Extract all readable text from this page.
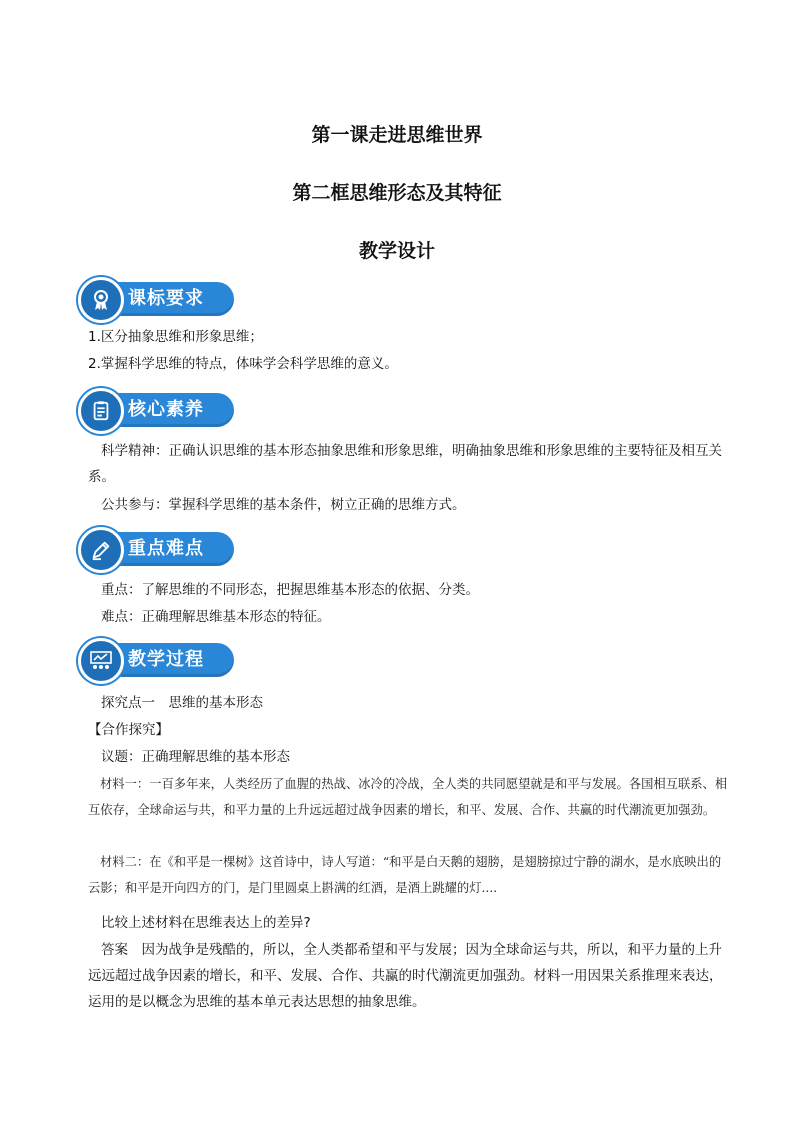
第一课走进思维世界
第二框思维形态及其特征
教学设计
课标要求
1.区分抽象思维和形象思维；
2.掌握科学思维的特点，体味学会科学思维的意义。
核心素养
科学精神：正确认识思维的基本形态抽象思维和形象思维，明确抽象思维和形象思维的主要特征及相互关系。
公共参与：掌握科学思维的基本条件，树立正确的思维方式。
重点难点
重点：了解思维的不同形态，把握思维基本形态的依据、分类。
难点：正确理解思维基本形态的特征。
教学过程
探究点一　思维的基本形态
【合作探究】
议题：正确理解思维的基本形态
材料一：一百多年来，人类经历了血腥的热战、冰冷的冷战，全人类的共同愿望就是和平与发展。各国相互联系、相互依存，全球命运与共，和平力量的上升远远超过战争因素的增长，和平、发展、合作、共赢的时代潮流更加强劲。
材料二：在《和平是一棵树》这首诗中，诗人写道：“和平是白天鹅的翅膀，是翅膀掠过宁静的湖水，是水底映出的云影；和平是开向四方的门，是门里圆桌上斟满的红酒，是酒上跳耀的灯....
比较上述材料在思维表达上的差异?
答案　因为战争是残酷的，所以，全人类都希望和平与发展；因为全球命运与共，所以，和平力量的上升远远超过战争因素的增长，和平、发展、合作、共赢的时代潮流更加强劲。材料一用因果关系推理来表达，运用的是以概念为思维的基本单元表达思想的抽象思维。
